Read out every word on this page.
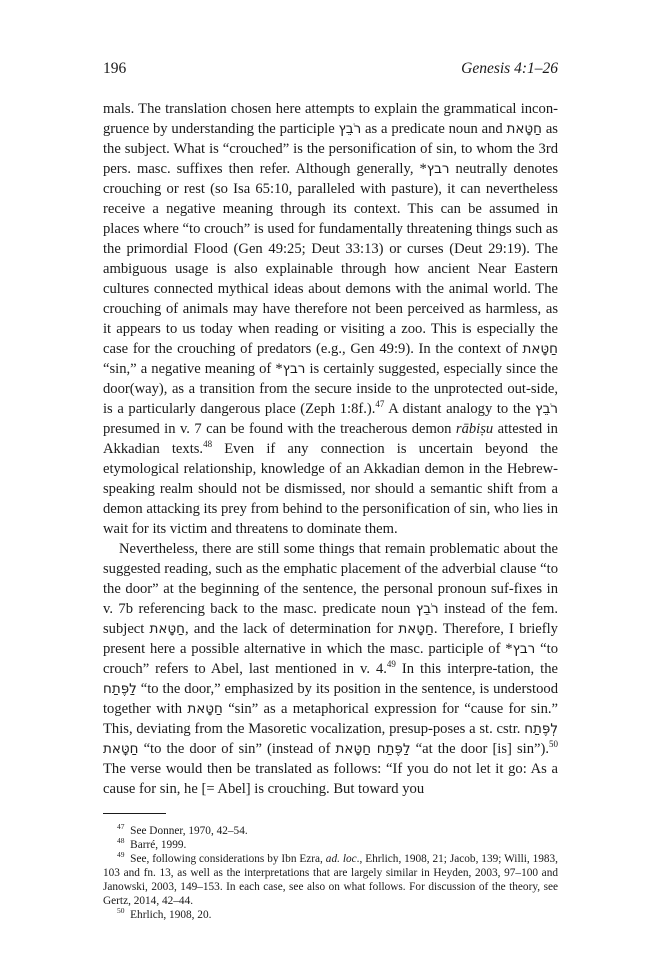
196	Genesis 4:1–26

mals. The translation chosen here attempts to explain the grammatical incon-gruence by understanding the participle רֹבֵץ as a predicate noun and חַטָּאת as the subject. What is “crouched” is the personification of sin, to whom the 3rd pers. masc. suffixes then refer. Although generally, *רבץ neutrally denotes crouching or rest (so Isa 65:10, paralleled with pasture), it can nevertheless receive a negative meaning through its context. This can be assumed in places where “to crouch” is used for fundamentally threatening things such as the primordial Flood (Gen 49:25; Deut 33:13) or curses (Deut 29:19). The ambiguous usage is also explainable through how ancient Near Eastern cultures connected mythical ideas about demons with the animal world. The crouching of animals may have therefore not been perceived as harmless, as it appears to us today when reading or visiting a zoo. This is especially the case for the crouching of predators (e.g., Gen 49:9). In the context of חַטָּאת “sin,” a negative meaning of *רבץ is certainly suggested, especially since the door(way), as a transition from the secure inside to the unprotected out-side, is a particularly dangerous place (Zeph 1:8f.).$^{47}$ A distant analogy to the רֹבֵץ presumed in v. 7 can be found with the treacherous demon rābiṣu attested in Akkadian texts.$^{48}$ Even if any connection is uncertain beyond the etymological relationship, knowledge of an Akkadian demon in the Hebrew-speaking realm should not be dismissed, nor should a semantic shift from a demon attacking its prey from behind to the personification of sin, who lies in wait for its victim and threatens to dominate them.

Nevertheless, there are still some things that remain problematic about the suggested reading, such as the emphatic placement of the adverbial clause “to the door” at the beginning of the sentence, the personal pronoun suf-fixes in v. 7b referencing back to the masc. predicate noun רֹבֵץ instead of the fem. subject חַטָּאת, and the lack of determination for חַטָּאת. Therefore, I briefly present here a possible alternative in which the masc. participle of *רבץ “to crouch” refers to Abel, last mentioned in v. 4.49 In this interpre-tation, the לַפֶּתַח “to the door,” emphasized by its position in the sentence, is understood together with חַטָּאת “sin” as a metaphorical expression for “cause for sin.” This, deviating from the Masoretic vocalization, presup-poses a st. cstr. לְפֶּתַח חַטָּאת “to the door of sin” (instead of לַפֶּתַח חַטָּאת “at the door [is] sin”).$^{50}$ The verse would then be translated as follows: “If you do not let it go: As a cause for sin, he [= Abel] is crouching. But toward you

$^{47}$  See Donner, 1970, 42–54.

$^{48}$  Barré, 1999.

$^{49}$  See, following considerations by Ibn Ezra, ad. loc., Ehrlich, 1908, 21; Jacob, 139; Willi, 1983, 103 and fn. 13, as well as the interpretations that are largely similar in Heyden, 2003, 97–100 and Janowski, 2003, 149–153. In each case, see also on what follows. For discussion of the theory, see Gertz, 2014, 42–44.

$^{50}$  Ehrlich, 1908, 20.
